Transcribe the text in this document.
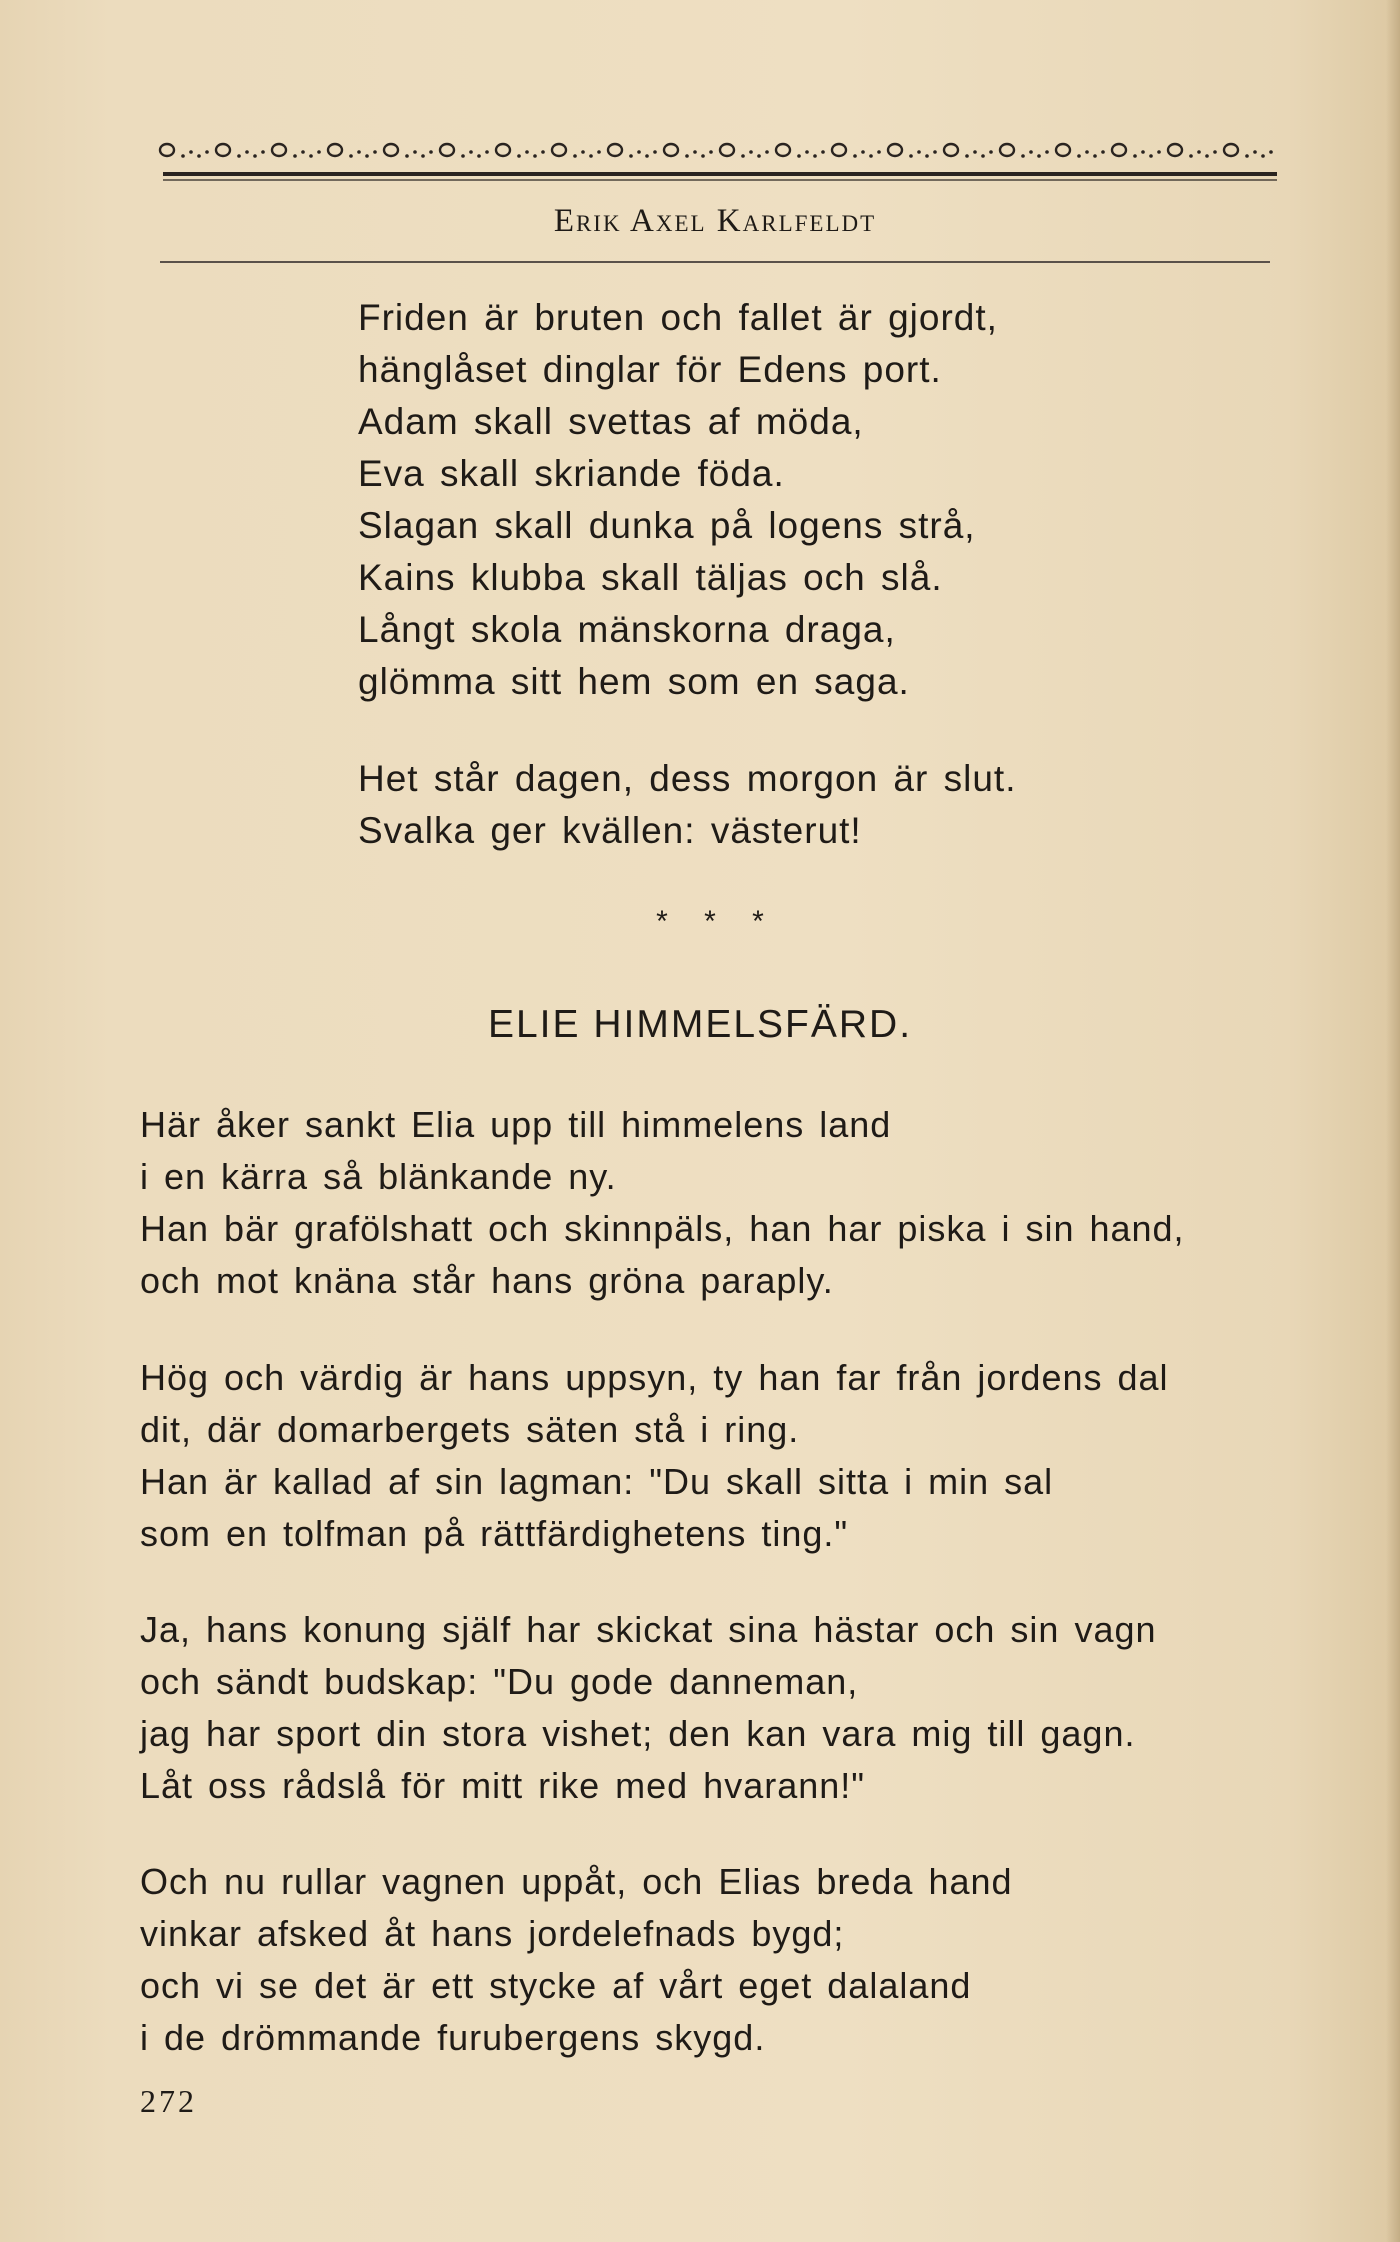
Erik Axel Karlfeldt
Friden är bruten och fallet är gjordt,
hänglåset dinglar för Edens port.
Adam skall svettas af möda,
Eva skall skriande föda.
Slagan skall dunka på logens strå,
Kains klubba skall täljas och slå.
Långt skola mänskorna draga,
glömma sitt hem som en saga.
Het står dagen, dess morgon är slut.
Svalka ger kvällen: västerut!
* * *
ELIE HIMMELSFÄRD.
Här åker sankt Elia upp till himmelens land
i en kärra så blänkande ny.
Han bär grafölshatt och skinnpäls, han har piska i sin hand,
och mot knäna står hans gröna paraply.
Hög och värdig är hans uppsyn, ty han far från jordens dal
dit, där domarbergets säten stå i ring.
Han är kallad af sin lagman: "Du skall sitta i min sal
som en tolfman på rättfärdighetens ting."
Ja, hans konung själf har skickat sina hästar och sin vagn
och sändt budskap: "Du gode danneman,
jag har sport din stora vishet; den kan vara mig till gagn.
Låt oss rådslå för mitt rike med hvarann!"
Och nu rullar vagnen uppåt, och Elias breda hand
vinkar afsked åt hans jordelefnads bygd;
och vi se det är ett stycke af vårt eget dalaland
i de drömmande furubergens skygd.
272
